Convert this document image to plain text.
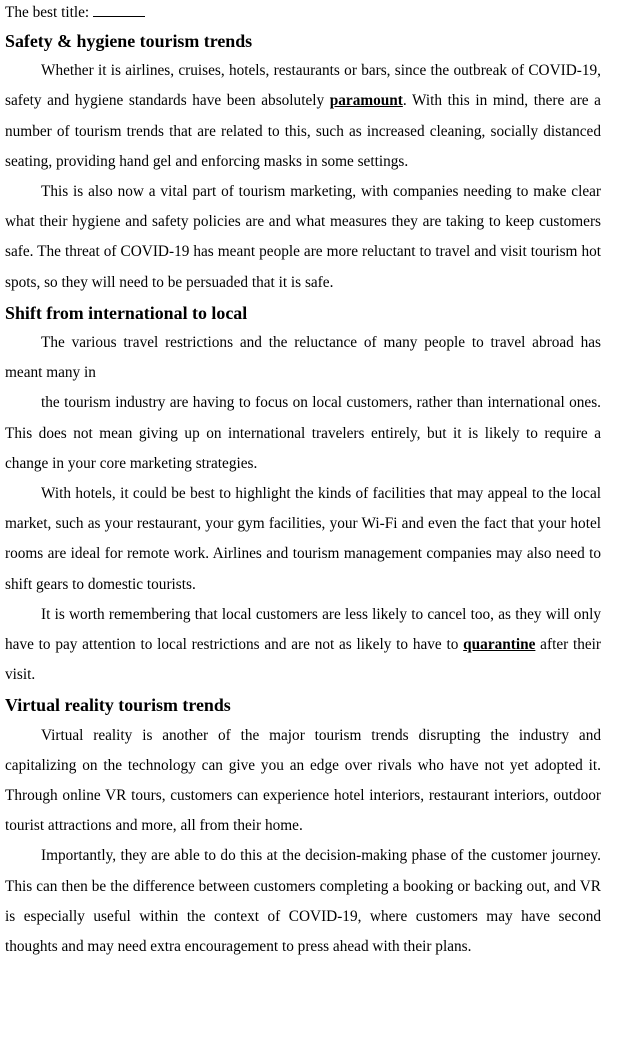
The best title:

Safety & hygiene tourism trends

Whether it is airlines, cruises, hotels, restaurants or bars, since the outbreak of COVID-19, safety and hygiene standards have been absolutely paramount. With this in mind, there are a number of tourism trends that are related to this, such as increased cleaning, socially distanced seating, providing hand gel and enforcing masks in some settings.

This is also now a vital part of tourism marketing, with companies needing to make clear what their hygiene and safety policies are and what measures they are taking to keep customers safe. The threat of COVID-19 has meant people are more reluctant to travel and visit tourism hot spots, so they will need to be persuaded that it is safe.

Shift from international to local

The various travel restrictions and the reluctance of many people to travel abroad has meant many in

the tourism industry are having to focus on local customers, rather than international ones. This does not mean giving up on international travelers entirely, but it is likely to require a change in your core marketing strategies.

With hotels, it could be best to highlight the kinds of facilities that may appeal to the local market, such as your restaurant, your gym facilities, your Wi-Fi and even the fact that your hotel rooms are ideal for remote work. Airlines and tourism management companies may also need to shift gears to domestic tourists.

It is worth remembering that local customers are less likely to cancel too, as they will only have to pay attention to local restrictions and are not as likely to have to quarantine after their visit.

Virtual reality tourism trends

Virtual reality is another of the major tourism trends disrupting the industry and capitalizing on the technology can give you an edge over rivals who have not yet adopted it. Through online VR tours, customers can experience hotel interiors, restaurant interiors, outdoor tourist attractions and more, all from their home.

Importantly, they are able to do this at the decision-making phase of the customer journey. This can then be the difference between customers completing a booking or backing out, and VR is especially useful within the context of COVID-19, where customers may have second thoughts and may need extra encouragement to press ahead with their plans.
